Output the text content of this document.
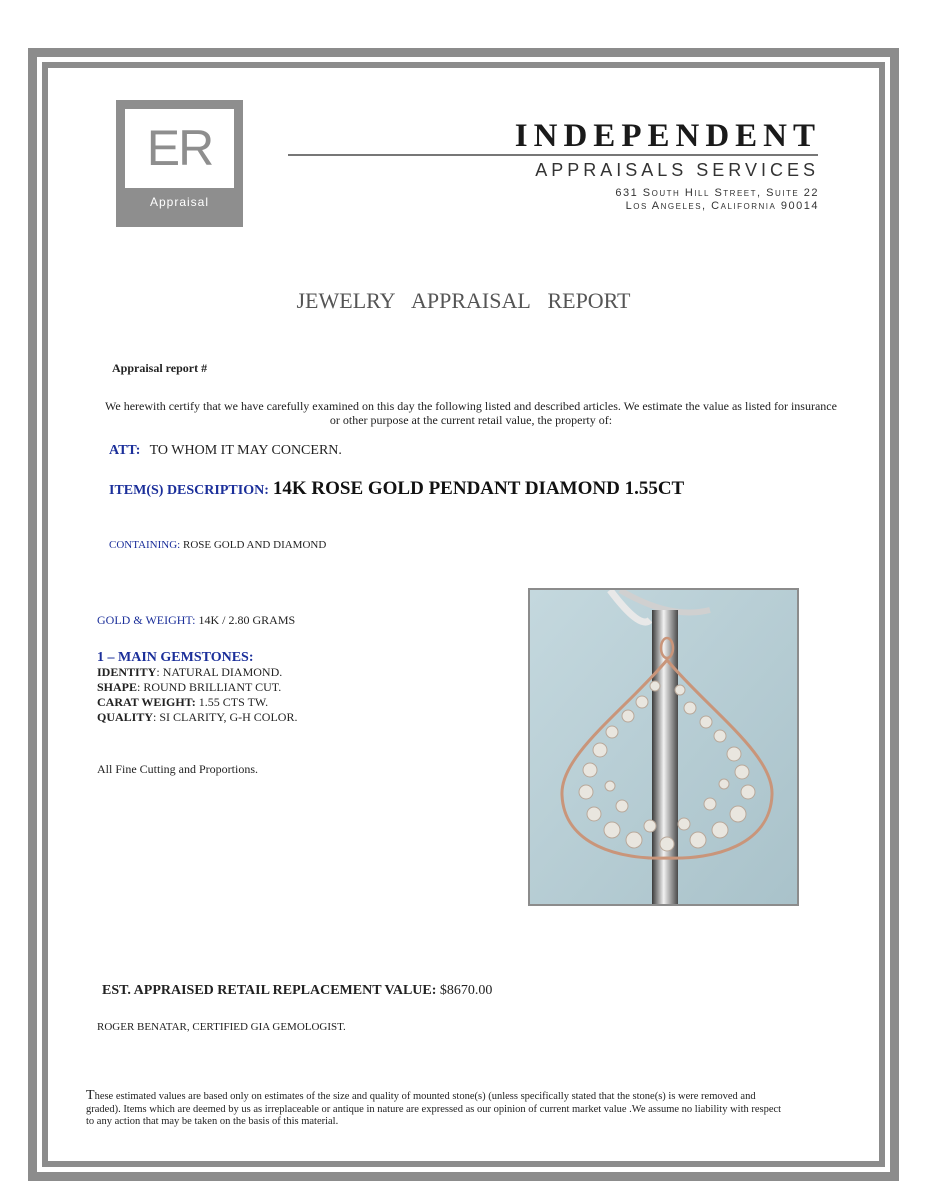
ER
Appraisal
INDEPENDENT
APPRAISALS SERVICES
631 South Hill Street, Suite 22
Los Angeles, California 90014
JEWELRY APPRAISAL REPORT
Appraisal report #
We herewith certify that we have carefully examined on this day the following listed and described articles. We estimate the value as listed for insurance or other purpose at the current retail value, the property of:
ATT: TO WHOM IT MAY CONCERN.
ITEM(S) DESCRIPTION: 14K ROSE GOLD PENDANT DIAMOND 1.55CT
CONTAINING: ROSE GOLD AND DIAMOND
GOLD & WEIGHT: 14K / 2.80 GRAMS
1 – MAIN GEMSTONES:
IDENTITY: NATURAL DIAMOND.
SHAPE: ROUND BRILLIANT CUT.
CARAT WEIGHT: 1.55 CTS TW.
QUALITY: SI CLARITY, G-H COLOR.
All Fine Cutting and Proportions.
EST. APPRAISED RETAIL REPLACEMENT VALUE: $8670.00
ROGER BENATAR, CERTIFIED GIA GEMOLOGIST.
These estimated values are based only on estimates of the size and quality of mounted stone(s) (unless specifically stated that the stone(s) is were removed and graded). Items which are deemed by us as irreplaceable or antique in nature are expressed as our opinion of current market value .We assume no liability with respect to any action that may be taken on the basis of this material.
